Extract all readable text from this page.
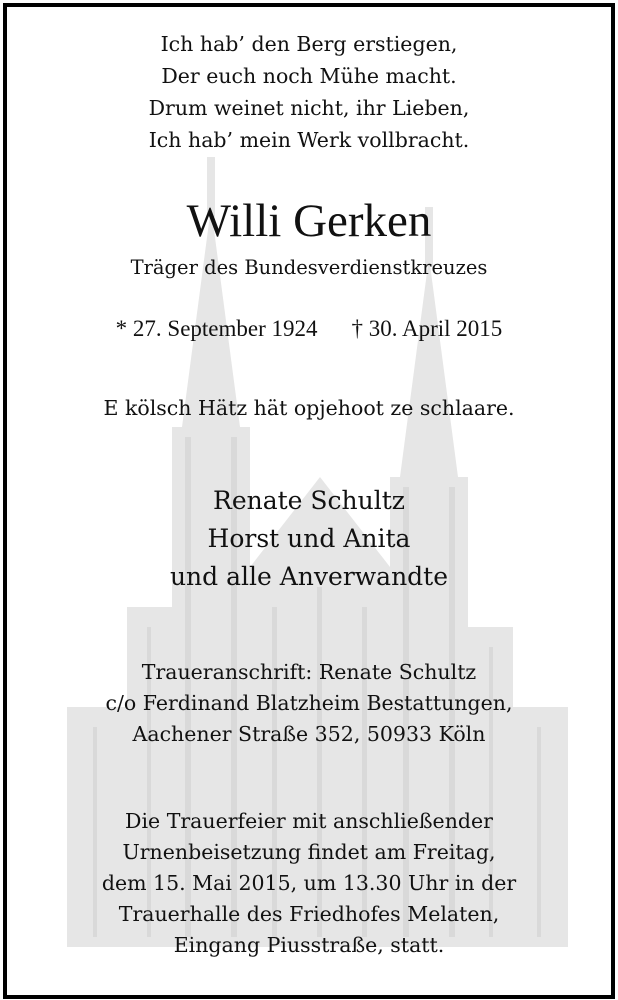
Ich hab’ den Berg erstiegen,

Der euch noch Mühe macht.

Drum weinet nicht, ihr Lieben,

Ich hab’ mein Werk vollbracht.

Willi Gerken

Träger des Bundesverdienstkreuzes

* 27. September 1924 † 30. April 2015

E kölsch Hätz hät opjehoot ze schlaare.

Renate Schultz

Horst und Anita

und alle Anverwandte

Traueranschrift: Renate Schultz

c/o Ferdinand Blatzheim Bestattungen,

Aachener Straße 352, 50933 Köln

Die Trauerfeier mit anschließender

Urnenbeisetzung findet am Freitag,

dem 15. Mai 2015, um 13.30 Uhr in der

Trauerhalle des Friedhofes Melaten,

Eingang Piusstraße, statt.
